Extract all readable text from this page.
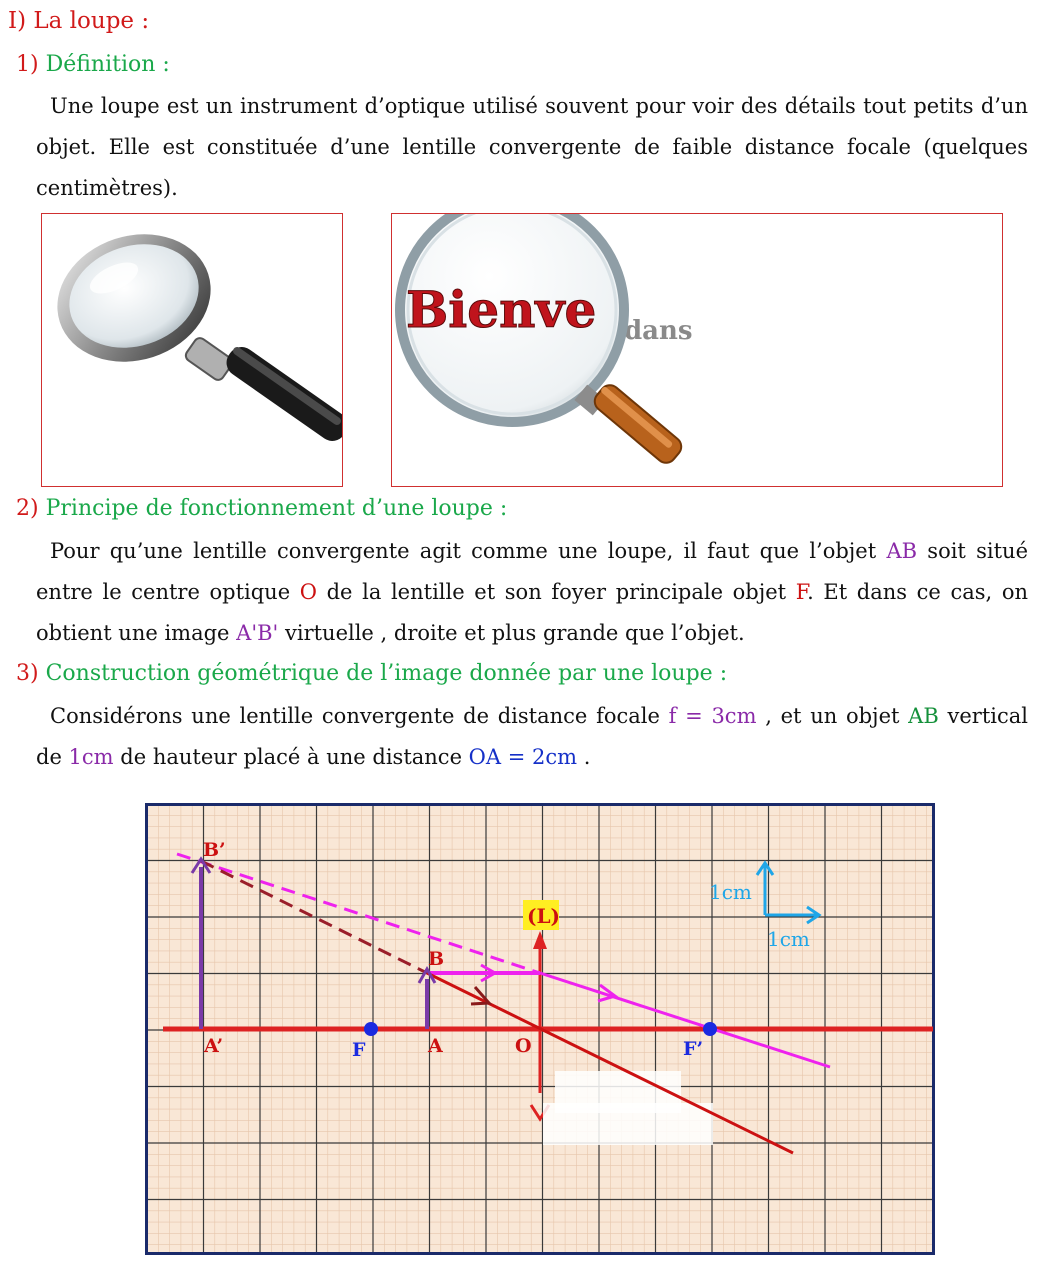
I) La loupe :
1) Définition :
Une loupe est un instrument d’optique utilisé souvent pour voir des détails tout petits d’un objet. Elle est constituée d’une lentille convergente de faible distance focale (quelques centimètres).
dans
Bienve
2) Principe de fonctionnement d’une loupe :
Pour qu’une lentille convergente agit comme une loupe, il faut que l’objet AB soit situé entre le centre optique O de la lentille et son foyer principale objet F. Et dans ce cas, on obtient une image A'B' virtuelle , droite et plus grande que l’objet.
3) Construction géométrique de l’image donnée par une loupe :
Considérons une lentille convergente de distance focale f = 3cm , et un objet AB vertical de 1cm de hauteur placé à une distance OA = 2cm .
(L)
B’
A’	F	A
B
O	F’
1cm
1cm
